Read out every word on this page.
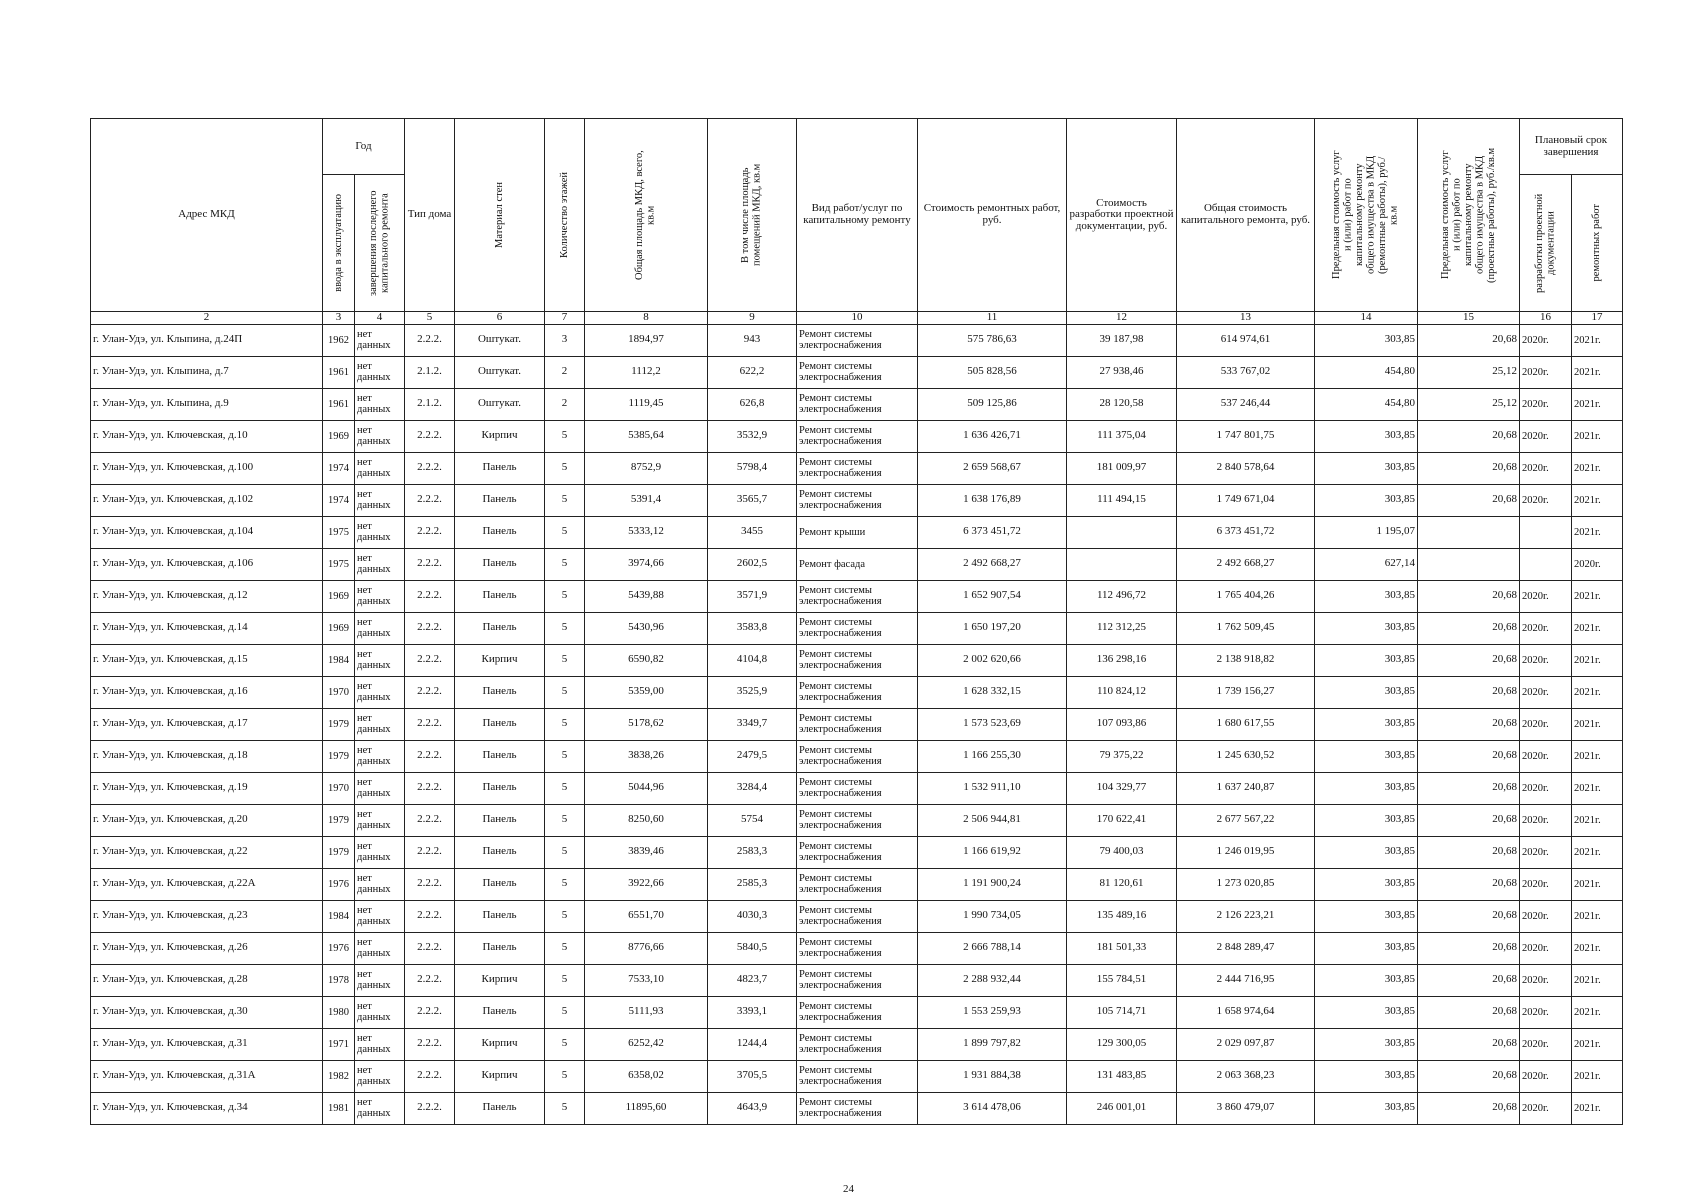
Адрес МКД	Год		Тип дома	Материал стен	Количество этажей	Общая площадь МКД, всего, кв.м	В том числе площадь помещений МКД, кв.м	Вид работ/услуг по капитальному ремонту	Стоимость ремонтных работ, руб.	Стоимость разработки проектной документации, руб.	Общая стоимость капитального ремонта, руб.	Предельная стоимость услуг и (или) работ по капитальному ремонту общего имущества в МКД (ремонтные работы), руб./кв.м	Предельная стоимость услуг и (или) работ по капитальному ремонту общего имущества в МКД (проектные работы), руб./кв.м	Плановый срок завершения	

	ввода в эксплуатацию	завершения последнего капитального ремонта												разработки проектной документации	ремонтных работ

2	3	4	5	6	7	8	9	10	11	12	13	14	15	16	17
г. Улан-Удэ, ул. Клыпина, д.24П	1962	нет данных	2.2.2.	Оштукат.	3	1894,97	943	Ремонт системы электроснабжения	575 786,63	39 187,98	614 974,61	303,85	20,68	2020г.	2021г.
г. Улан-Удэ, ул. Клыпина, д.7	1961	нет данных	2.1.2.	Оштукат.	2	1112,2	622,2	Ремонт системы электроснабжения	505 828,56	27 938,46	533 767,02	454,80	25,12	2020г.	2021г.
г. Улан-Удэ, ул. Клыпина, д.9	1961	нет данных	2.1.2.	Оштукат.	2	1119,45	626,8	Ремонт системы электроснабжения	509 125,86	28 120,58	537 246,44	454,80	25,12	2020г.	2021г.
г. Улан-Удэ, ул. Ключевская, д.10	1969	нет данных	2.2.2.	Кирпич	5	5385,64	3532,9	Ремонт системы электроснабжения	1 636 426,71	111 375,04	1 747 801,75	303,85	20,68	2020г.	2021г.
г. Улан-Удэ, ул. Ключевская, д.100	1974	нет данных	2.2.2.	Панель	5	8752,9	5798,4	Ремонт системы электроснабжения	2 659 568,67	181 009,97	2 840 578,64	303,85	20,68	2020г.	2021г.
г. Улан-Удэ, ул. Ключевская, д.102	1974	нет данных	2.2.2.	Панель	5	5391,4	3565,7	Ремонт системы электроснабжения	1 638 176,89	111 494,15	1 749 671,04	303,85	20,68	2020г.	2021г.
г. Улан-Удэ, ул. Ключевская, д.104	1975	нет данных	2.2.2.	Панель	5	5333,12	3455	Ремонт крыши	6 373 451,72		6 373 451,72	1 195,07			2021г.
г. Улан-Удэ, ул. Ключевская, д.106	1975	нет данных	2.2.2.	Панель	5	3974,66	2602,5	Ремонт фасада	2 492 668,27		2 492 668,27	627,14			2020г.
г. Улан-Удэ, ул. Ключевская, д.12	1969	нет данных	2.2.2.	Панель	5	5439,88	3571,9	Ремонт системы электроснабжения	1 652 907,54	112 496,72	1 765 404,26	303,85	20,68	2020г.	2021г.
г. Улан-Удэ, ул. Ключевская, д.14	1969	нет данных	2.2.2.	Панель	5	5430,96	3583,8	Ремонт системы электроснабжения	1 650 197,20	112 312,25	1 762 509,45	303,85	20,68	2020г.	2021г.
г. Улан-Удэ, ул. Ключевская, д.15	1984	нет данных	2.2.2.	Кирпич	5	6590,82	4104,8	Ремонт системы электроснабжения	2 002 620,66	136 298,16	2 138 918,82	303,85	20,68	2020г.	2021г.
г. Улан-Удэ, ул. Ключевская, д.16	1970	нет данных	2.2.2.	Панель	5	5359,00	3525,9	Ремонт системы электроснабжения	1 628 332,15	110 824,12	1 739 156,27	303,85	20,68	2020г.	2021г.
г. Улан-Удэ, ул. Ключевская, д.17	1979	нет данных	2.2.2.	Панель	5	5178,62	3349,7	Ремонт системы электроснабжения	1 573 523,69	107 093,86	1 680 617,55	303,85	20,68	2020г.	2021г.
г. Улан-Удэ, ул. Ключевская, д.18	1979	нет данных	2.2.2.	Панель	5	3838,26	2479,5	Ремонт системы электроснабжения	1 166 255,30	79 375,22	1 245 630,52	303,85	20,68	2020г.	2021г.
г. Улан-Удэ, ул. Ключевская, д.19	1970	нет данных	2.2.2.	Панель	5	5044,96	3284,4	Ремонт системы электроснабжения	1 532 911,10	104 329,77	1 637 240,87	303,85	20,68	2020г.	2021г.
г. Улан-Удэ, ул. Ключевская, д.20	1979	нет данных	2.2.2.	Панель	5	8250,60	5754	Ремонт системы электроснабжения	2 506 944,81	170 622,41	2 677 567,22	303,85	20,68	2020г.	2021г.
г. Улан-Удэ, ул. Ключевская, д.22	1979	нет данных	2.2.2.	Панель	5	3839,46	2583,3	Ремонт системы электроснабжения	1 166 619,92	79 400,03	1 246 019,95	303,85	20,68	2020г.	2021г.
г. Улан-Удэ, ул. Ключевская, д.22А	1976	нет данных	2.2.2.	Панель	5	3922,66	2585,3	Ремонт системы электроснабжения	1 191 900,24	81 120,61	1 273 020,85	303,85	20,68	2020г.	2021г.
г. Улан-Удэ, ул. Ключевская, д.23	1984	нет данных	2.2.2.	Панель	5	6551,70	4030,3	Ремонт системы электроснабжения	1 990 734,05	135 489,16	2 126 223,21	303,85	20,68	2020г.	2021г.
г. Улан-Удэ, ул. Ключевская, д.26	1976	нет данных	2.2.2.	Панель	5	8776,66	5840,5	Ремонт системы электроснабжения	2 666 788,14	181 501,33	2 848 289,47	303,85	20,68	2020г.	2021г.
г. Улан-Удэ, ул. Ключевская, д.28	1978	нет данных	2.2.2.	Кирпич	5	7533,10	4823,7	Ремонт системы электроснабжения	2 288 932,44	155 784,51	2 444 716,95	303,85	20,68	2020г.	2021г.
г. Улан-Удэ, ул. Ключевская, д.30	1980	нет данных	2.2.2.	Панель	5	5111,93	3393,1	Ремонт системы электроснабжения	1 553 259,93	105 714,71	1 658 974,64	303,85	20,68	2020г.	2021г.
г. Улан-Удэ, ул. Ключевская, д.31	1971	нет данных	2.2.2.	Кирпич	5	6252,42	1244,4	Ремонт системы электроснабжения	1 899 797,82	129 300,05	2 029 097,87	303,85	20,68	2020г.	2021г.
г. Улан-Удэ, ул. Ключевская, д.31А	1982	нет данных	2.2.2.	Кирпич	5	6358,02	3705,5	Ремонт системы электроснабжения	1 931 884,38	131 483,85	2 063 368,23	303,85	20,68	2020г.	2021г.
г. Улан-Удэ, ул. Ключевская, д.34	1981	нет данных	2.2.2.	Панель	5	11895,60	4643,9	Ремонт системы электроснабжения	3 614 478,06	246 001,01	3 860 479,07	303,85	20,68	2020г.	2021г.
24
